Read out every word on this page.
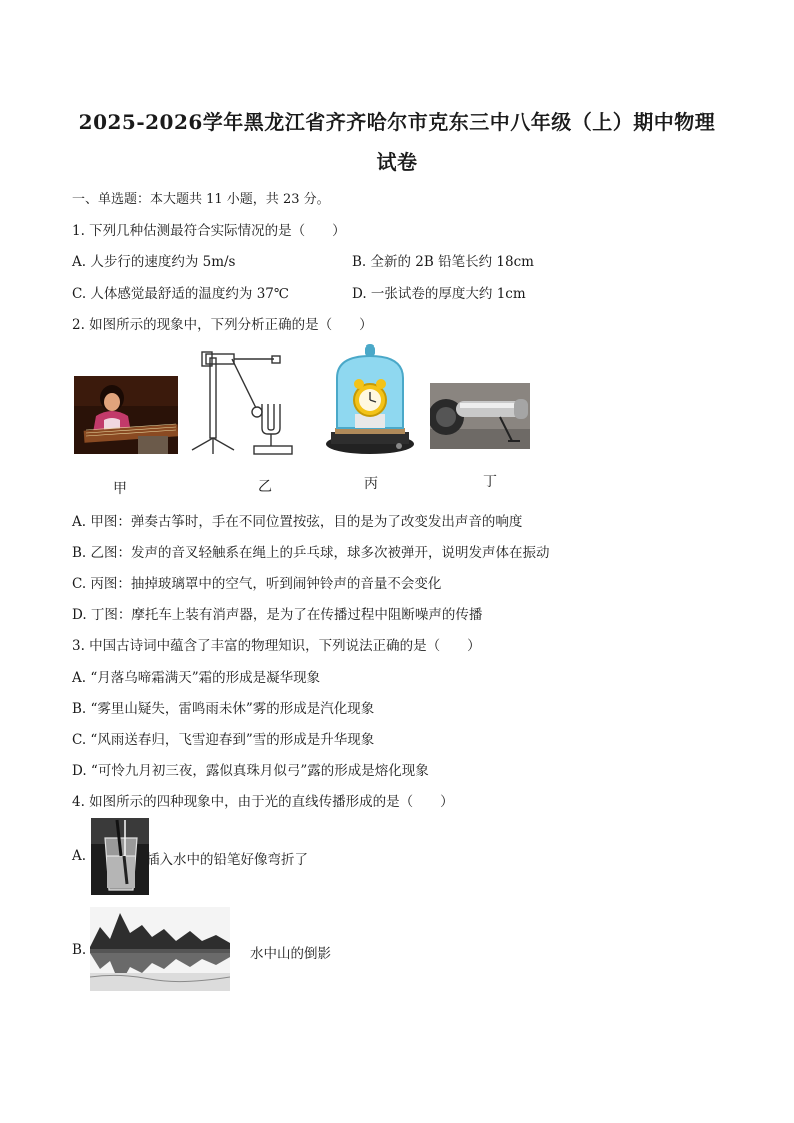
2025-2026学年黑龙江省齐齐哈尔市克东三中八年级（上）期中物理
试卷
一、单选题：本大题共 11 小题，共 23 分。
1. 下列几种估测最符合实际情况的是（　　）
A. 人步行的速度约为 5m/s	B. 全新的 2B 铅笔长约 18cm
C. 人体感觉最舒适的温度约为 37℃	D. 一张试卷的厚度大约 1cm
2. 如图所示的现象中，下列分析正确的是（　　）
甲	乙	丙	丁
A. 甲图：弹奏古筝时，手在不同位置按弦，目的是为了改变发出声音的响度
B. 乙图：发声的音叉轻触系在绳上的乒乓球，球多次被弹开，说明发声体在振动
C. 丙图：抽掉玻璃罩中的空气，听到闹钟铃声的音量不会变化
D. 丁图：摩托车上装有消声器，是为了在传播过程中阻断噪声的传播
3. 中国古诗词中蕴含了丰富的物理知识，下列说法正确的是（　　）
A. “月落乌啼霜满天”霜的形成是凝华现象
B. “雾里山疑失，雷鸣雨未休”雾的形成是汽化现象
C. “风雨送春归，飞雪迎春到”雪的形成是升华现象
D. “可怜九月初三夜，露似真珠月似弓”露的形成是熔化现象
4. 如图所示的四种现象中，由于光的直线传播形成的是（　　）
A.	插入水中的铅笔好像弯折了
B.	水中山的倒影
